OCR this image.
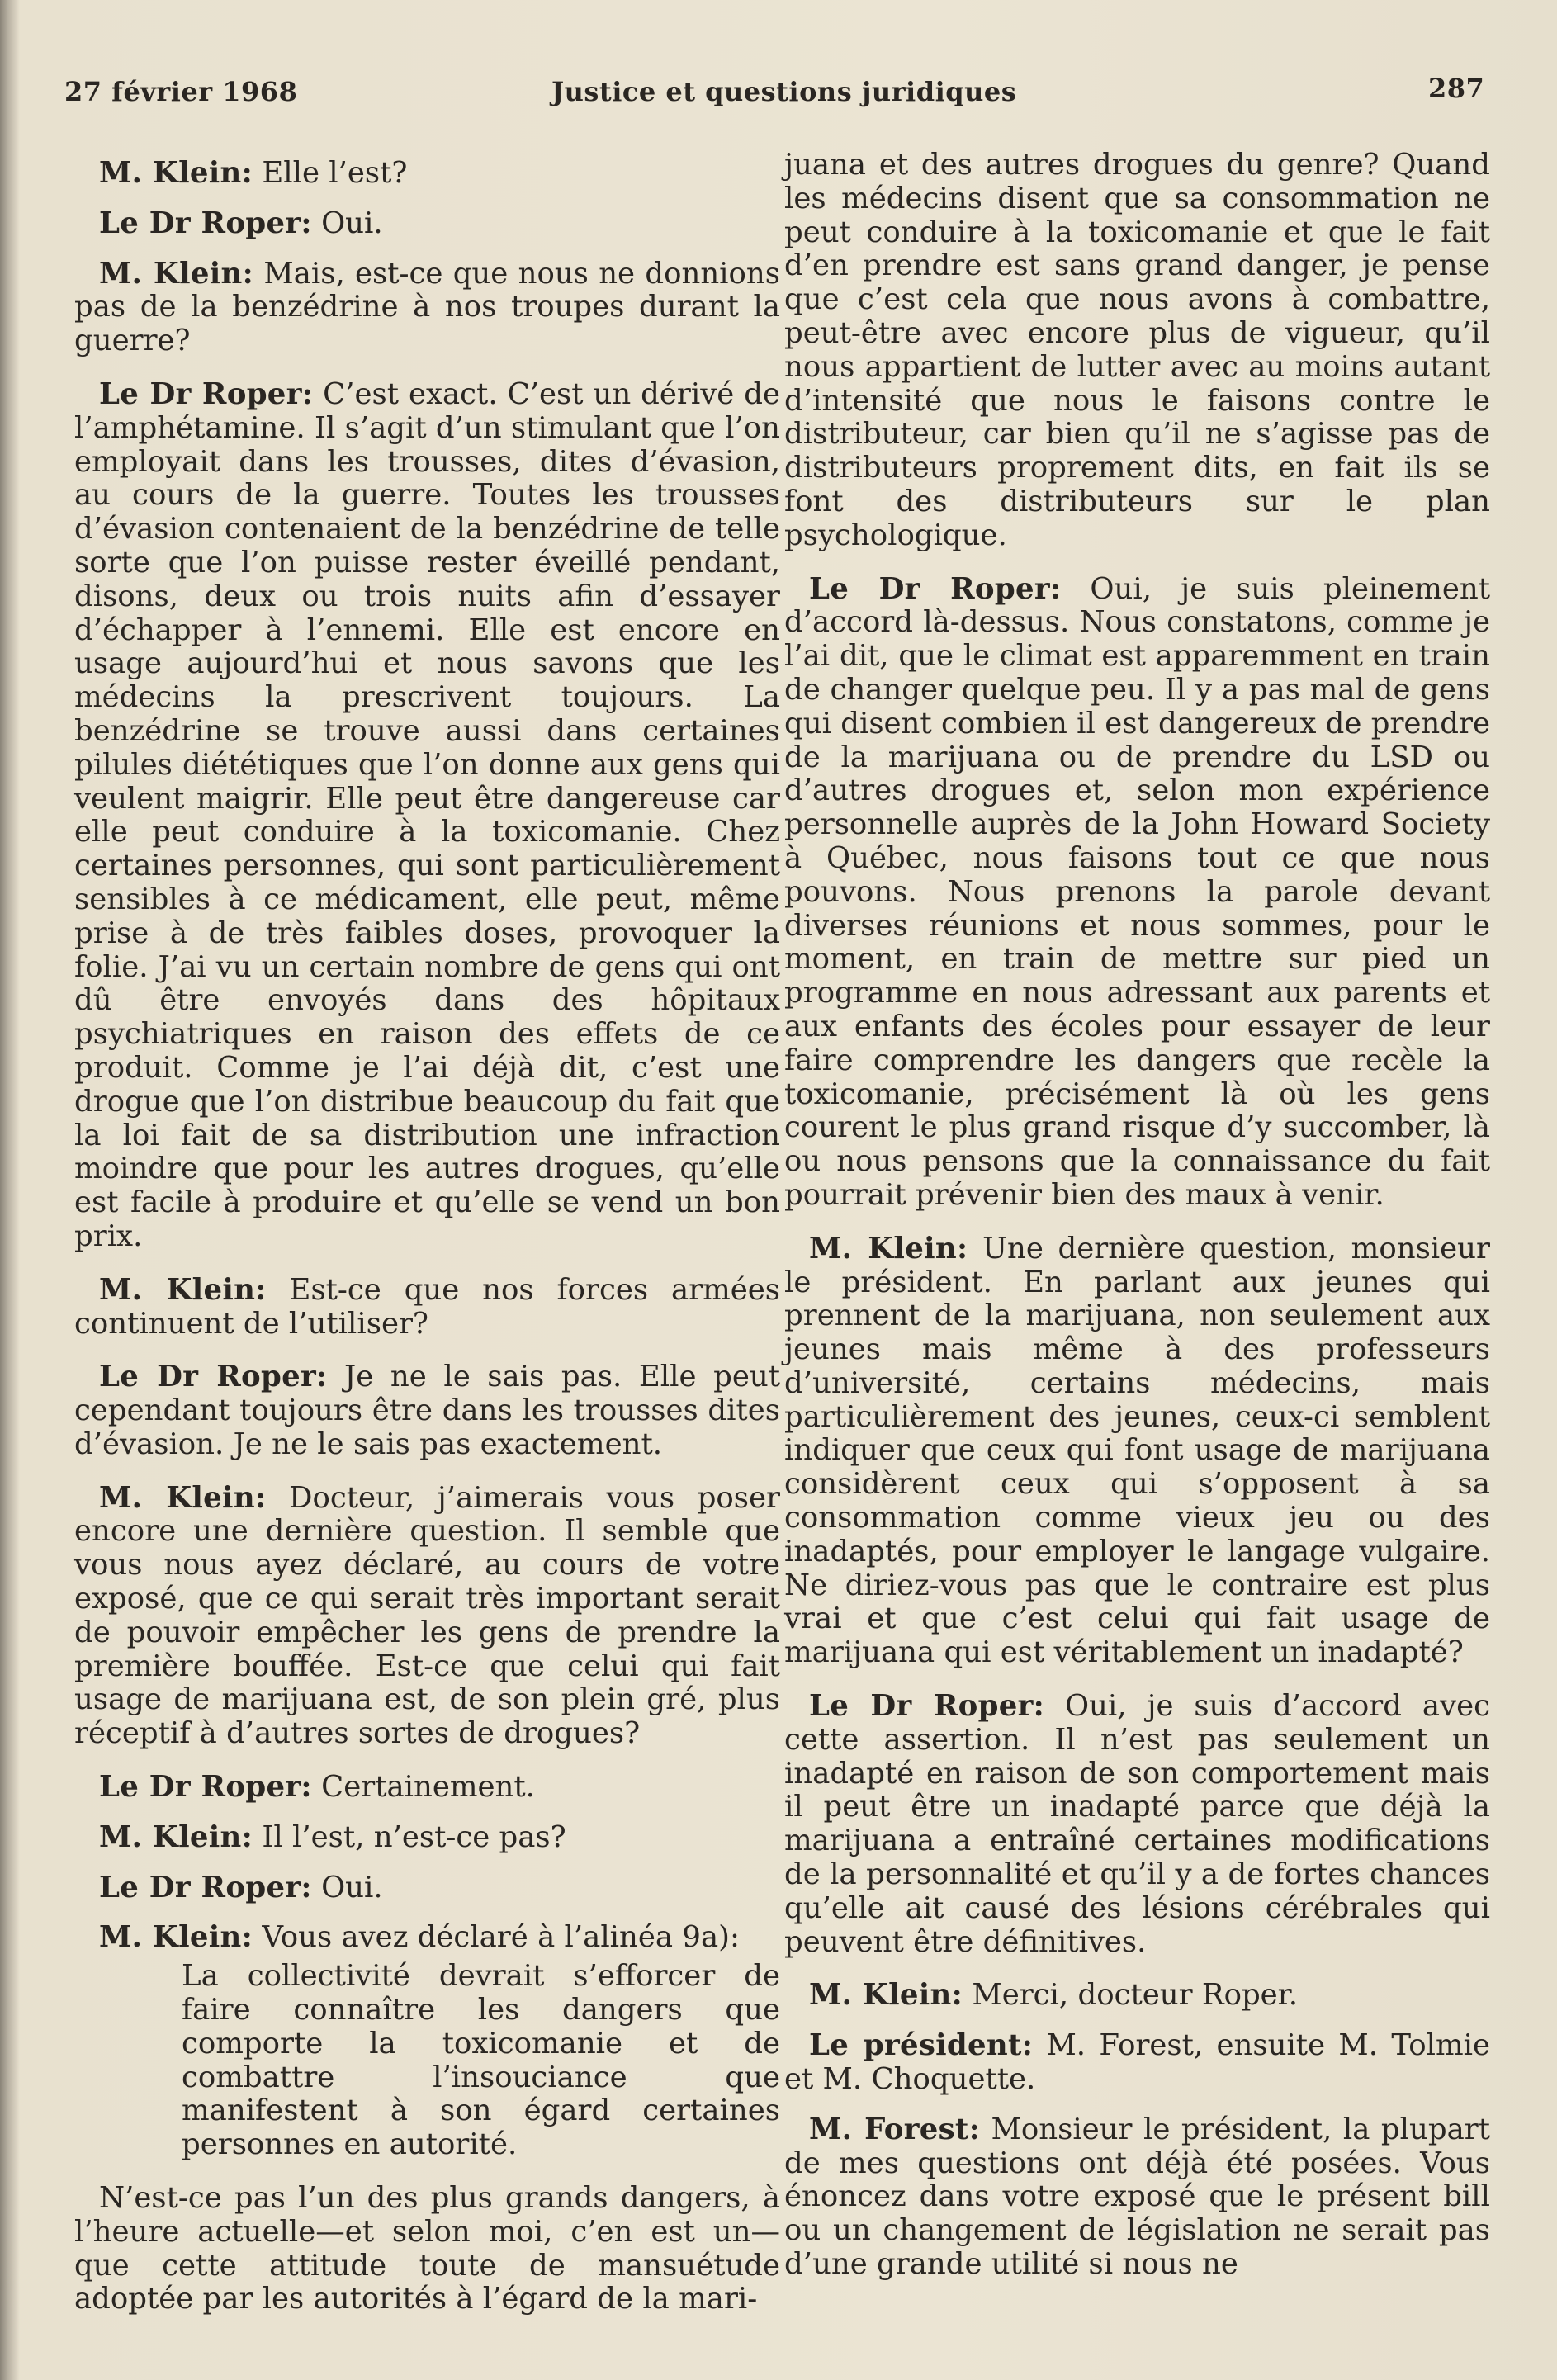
27 février 1968	Justice et questions juridiques	287

M. Klein: Elle l’est?

Le Dr Roper: Oui.

M. Klein: Mais, est-ce que nous ne donnions pas de la benzédrine à nos troupes durant la guerre?

Le Dr Roper: C’est exact. C’est un dérivé de l’amphétamine. Il s’agit d’un stimulant que l’on employait dans les trousses, dites d’évasion, au cours de la guerre. Toutes les trousses d’évasion contenaient de la benzédrine de telle sorte que l’on puisse rester éveillé pendant, disons, deux ou trois nuits afin d’essayer d’échapper à l’ennemi. Elle est encore en usage aujourd’hui et nous savons que les médecins la prescrivent toujours. La benzédrine se trouve aussi dans certaines pilules diététiques que l’on donne aux gens qui veulent maigrir. Elle peut être dangereuse car elle peut conduire à la toxicomanie. Chez certaines personnes, qui sont particulièrement sensibles à ce médicament, elle peut, même prise à de très faibles doses, provoquer la folie. J’ai vu un certain nombre de gens qui ont dû être envoyés dans des hôpitaux psychiatriques en raison des effets de ce produit. Comme je l’ai déjà dit, c’est une drogue que l’on distribue beaucoup du fait que la loi fait de sa distribution une infraction moindre que pour les autres drogues, qu’elle est facile à produire et qu’elle se vend un bon prix.

M. Klein: Est-ce que nos forces armées continuent de l’utiliser?

Le Dr Roper: Je ne le sais pas. Elle peut cependant toujours être dans les trousses dites d’évasion. Je ne le sais pas exactement.

M. Klein: Docteur, j’aimerais vous poser encore une dernière question. Il semble que vous nous ayez déclaré, au cours de votre exposé, que ce qui serait très important serait de pouvoir empêcher les gens de prendre la première bouffée. Est-ce que celui qui fait usage de marijuana est, de son plein gré, plus réceptif à d’autres sortes de drogues?

Le Dr Roper: Certainement.

M. Klein: Il l’est, n’est-ce pas?

Le Dr Roper: Oui.

M. Klein: Vous avez déclaré à l’alinéa 9a):

La collectivité devrait s’efforcer de faire connaître les dangers que comporte la toxicomanie et de combattre l’insouciance que manifestent à son égard certaines personnes en autorité.

N’est-ce pas l’un des plus grands dangers, à l’heure actuelle—et selon moi, c’en est un—que cette attitude toute de mansuétude adoptée par les autorités à l’égard de la mari-

juana et des autres drogues du genre? Quand les médecins disent que sa consommation ne peut conduire à la toxicomanie et que le fait d’en prendre est sans grand danger, je pense que c’est cela que nous avons à combattre, peut-être avec encore plus de vigueur, qu’il nous appartient de lutter avec au moins autant d’intensité que nous le faisons contre le distributeur, car bien qu’il ne s’agisse pas de distributeurs proprement dits, en fait ils se font des distributeurs sur le plan psychologique.

Le Dr Roper: Oui, je suis pleinement d’accord là-dessus. Nous constatons, comme je l’ai dit, que le climat est apparemment en train de changer quelque peu. Il y a pas mal de gens qui disent combien il est dangereux de prendre de la marijuana ou de prendre du LSD ou d’autres drogues et, selon mon expérience personnelle auprès de la John Howard Society à Québec, nous faisons tout ce que nous pouvons. Nous prenons la parole devant diverses réunions et nous sommes, pour le moment, en train de mettre sur pied un programme en nous adressant aux parents et aux enfants des écoles pour essayer de leur faire comprendre les dangers que recèle la toxicomanie, précisément là où les gens courent le plus grand risque d’y succomber, là ou nous pensons que la connaissance du fait pourrait prévenir bien des maux à venir.

M. Klein: Une dernière question, monsieur le président. En parlant aux jeunes qui prennent de la marijuana, non seulement aux jeunes mais même à des professeurs d’université, certains médecins, mais particulièrement des jeunes, ceux-ci semblent indiquer que ceux qui font usage de marijuana considèrent ceux qui s’opposent à sa consommation comme vieux jeu ou des inadaptés, pour employer le langage vulgaire. Ne diriez-vous pas que le contraire est plus vrai et que c’est celui qui fait usage de marijuana qui est véritablement un inadapté?

Le Dr Roper: Oui, je suis d’accord avec cette assertion. Il n’est pas seulement un inadapté en raison de son comportement mais il peut être un inadapté parce que déjà la marijuana a entraîné certaines modifications de la personnalité et qu’il y a de fortes chances qu’elle ait causé des lésions cérébrales qui peuvent être définitives.

M. Klein: Merci, docteur Roper.

Le président: M. Forest, ensuite M. Tolmie et M. Choquette.

M. Forest: Monsieur le président, la plupart de mes questions ont déjà été posées. Vous énoncez dans votre exposé que le présent bill ou un changement de législation ne serait pas d’une grande utilité si nous ne
